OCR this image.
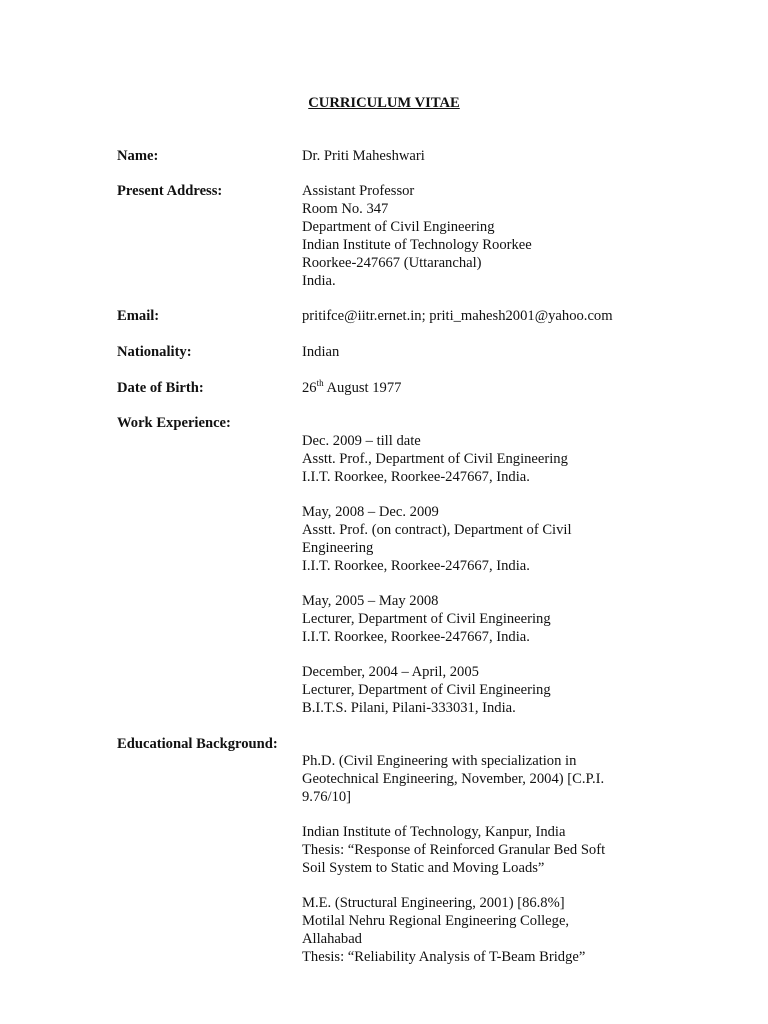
CURRICULUM VITAE
Name:	Dr. Priti Maheshwari
Present Address:	Assistant Professor
Room No. 347
Department of Civil Engineering
Indian Institute of Technology Roorkee
Roorkee-247667 (Uttaranchal)
India.
Email:	pritifce@iitr.ernet.in; priti_mahesh2001@yahoo.com
Nationality:	Indian
Date of Birth:	26th August 1977
Work Experience:
Dec. 2009 – till date
Asstt. Prof., Department of Civil Engineering
I.I.T. Roorkee, Roorkee-247667, India.
May, 2008 – Dec. 2009
Asstt. Prof. (on contract), Department of Civil
Engineering
I.I.T. Roorkee, Roorkee-247667, India.
May, 2005 – May 2008
Lecturer, Department of Civil Engineering
I.I.T. Roorkee, Roorkee-247667, India.
December, 2004 – April, 2005
Lecturer, Department of Civil Engineering
B.I.T.S. Pilani, Pilani-333031, India.
Educational Background:
Ph.D. (Civil Engineering with specialization in
Geotechnical Engineering, November, 2004) [C.P.I.
9.76/10]
Indian Institute of Technology, Kanpur, India
Thesis: “Response of Reinforced Granular Bed Soft
Soil System to Static and Moving Loads”
M.E. (Structural Engineering, 2001) [86.8%]
Motilal Nehru Regional Engineering College,
Allahabad
Thesis: “Reliability Analysis of T-Beam Bridge”
